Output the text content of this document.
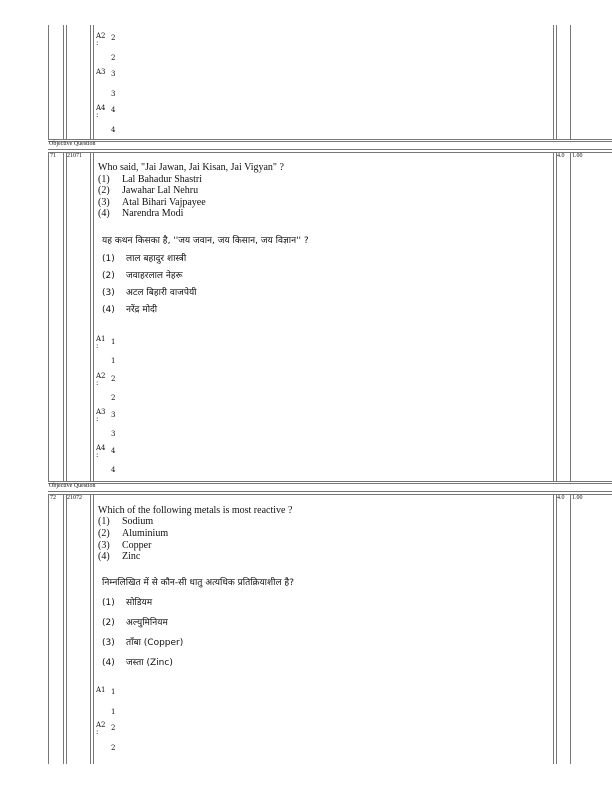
A2 2
:
2
A3 3
3
A4 4
:
4
Objective Question
71 21071	4.0 1.00
Who said, "Jai Jawan, Jai Kisan, Jai Vigyan" ?
(1) Lal Bahadur Shastri
(2) Jawahar Lal Nehru
(3) Atal Bihari Vajpayee
(4) Narendra Modi
यह कथन किसका है, ''जय जवान, जय किसान, जय विज्ञान'' ?
(1) लाल बहादुर शास्त्री
(2) जवाहरलाल नेहरू
(3) अटल बिहारी वाजपेयी
(4) नरेंद्र मोदी
A1 1
:
1
A2 2
:
2
A3 3
:
3
A4 4
:
4
Objective Question
72 21072	4.0 1.00
Which of the following metals is most reactive ?
(1) Sodium
(2) Aluminium
(3) Copper
(4) Zinc
निम्नलिखित में से कौन-सी धातु अत्यधिक प्रतिक्रियाशील है?
(1) सोडियम
(2) अल्युमिनियम
(3) ताँबा (Copper)
(4) जस्ता (Zinc)
A1 1
1
A2 2
:
2
